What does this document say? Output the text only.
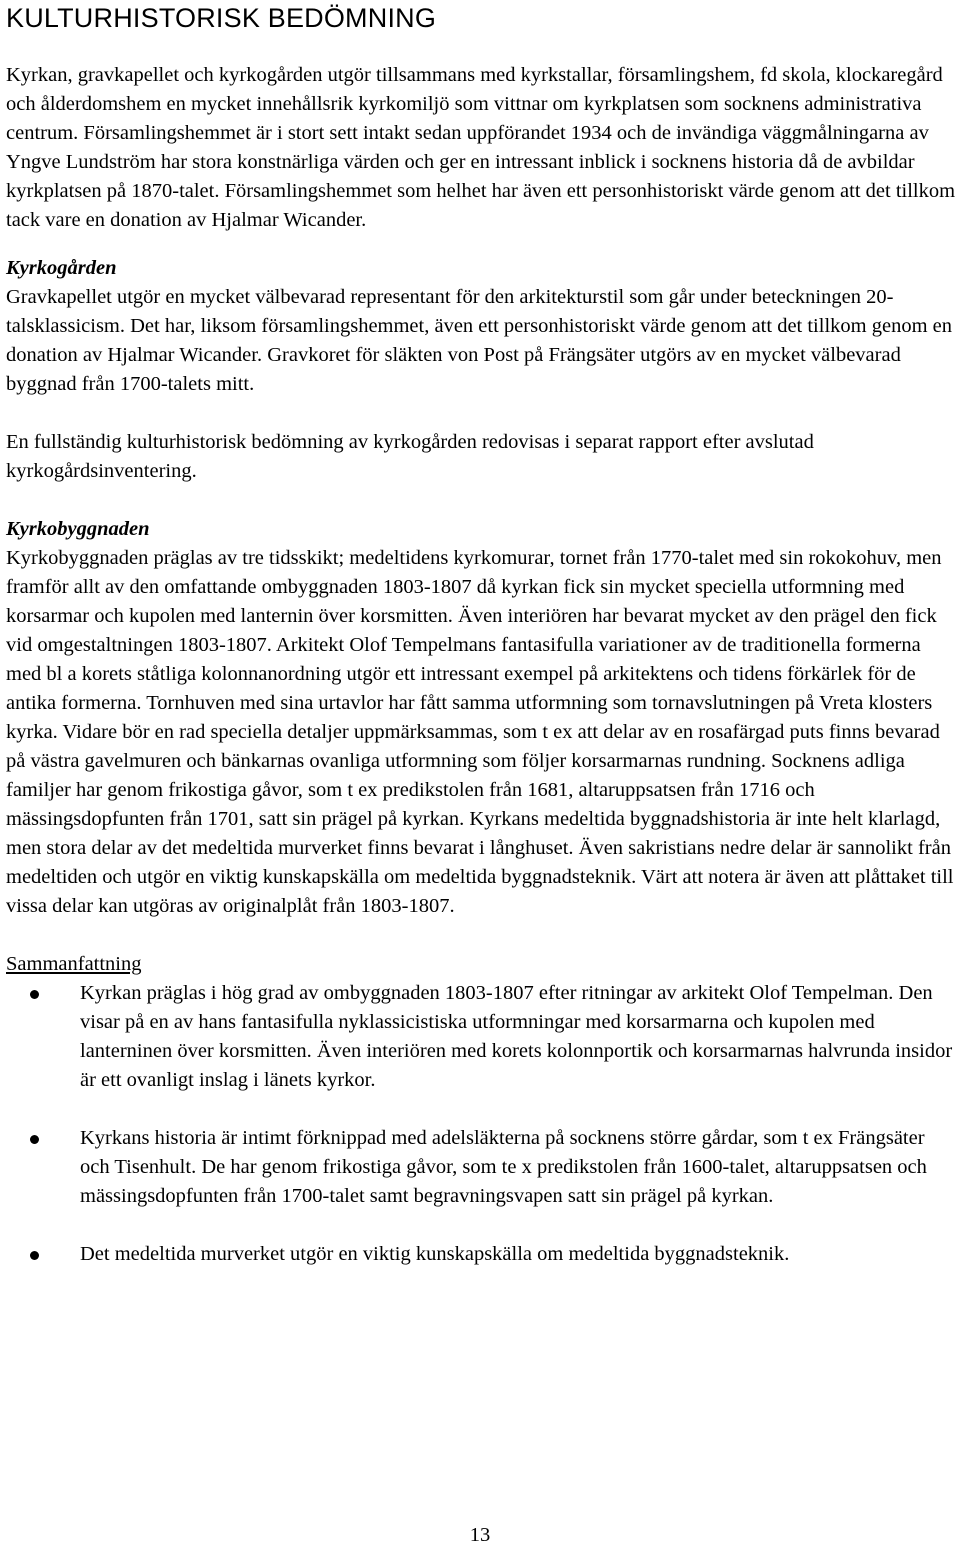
KULTURHISTORISK BEDÖMNING

Kyrkan, gravkapellet och kyrkogården utgör tillsammans med kyrkstallar, församlingshem, fd skola, klockaregård och ålderdomshem en mycket innehållsrik kyrkomiljö som vittnar om kyrkplatsen som socknens administrativa centrum. Församlingshemmet är i stort sett intakt sedan uppförandet 1934 och de invändiga väggmålningarna av Yngve Lundström har stora konstnärliga värden och ger en intressant inblick i socknens historia då de avbildar kyrkplatsen på 1870-talet. Församlingshemmet som helhet har även ett personhistoriskt värde genom att det tillkom tack vare en donation av Hjalmar Wicander.

Kyrkogården

Gravkapellet utgör en mycket välbevarad representant för den arkitekturstil som går under beteckningen 20-talsklassicism. Det har, liksom församlingshemmet, även ett personhistoriskt värde genom att det tillkom genom en donation av Hjalmar Wicander. Gravkoret för släkten von Post på Frängsäter utgörs av en mycket välbevarad byggnad från 1700-talets mitt.

En fullständig kulturhistorisk bedömning av kyrkogården redovisas i separat rapport efter avslutad kyrkogårdsinventering.

Kyrkobyggnaden

Kyrkobyggnaden präglas av tre tidsskikt; medeltidens kyrkomurar, tornet från 1770-talet med sin rokokohuv, men framför allt av den omfattande ombyggnaden 1803-1807 då kyrkan fick sin mycket speciella utformning med korsarmar och kupolen med lanternin över korsmitten. Även interiören har bevarat mycket av den prägel den fick vid omgestaltningen 1803-1807. Arkitekt Olof Tempelmans fantasifulla variationer av de traditionella formerna med bl a korets ståtliga kolonnanordning utgör ett intressant exempel på arkitektens och tidens förkärlek för de antika formerna. Tornhuven med sina urtavlor har fått samma utformning som tornavslutningen på Vreta klosters kyrka. Vidare bör en rad speciella detaljer uppmärksammas, som t ex att delar av en rosafärgad puts finns bevarad på västra gavelmuren och bänkarnas ovanliga utformning som följer korsarmarnas rundning. Socknens adliga familjer har genom frikostiga gåvor, som t ex predikstolen från 1681, altaruppsatsen från 1716 och mässingsdopfunten från 1701, satt sin prägel på kyrkan. Kyrkans medeltida byggnadshistoria är inte helt klarlagd, men stora delar av det medeltida murverket finns bevarat i långhuset. Även sakristians nedre delar är sannolikt från medeltiden och utgör en viktig kunskapskälla om medeltida byggnadsteknik. Värt att notera är även att plåttaket till vissa delar kan utgöras av originalplåt från 1803-1807.

Sammanfattning
Kyrkan präglas i hög grad av ombyggnaden 1803-1807 efter ritningar av arkitekt Olof Tempelman. Den visar på en av hans fantasifulla nyklassicistiska utformningar med korsarmarna och kupolen med lanterninen över korsmitten. Även interiören med korets kolonnportik och korsarmarnas halvrunda insidor är ett ovanligt inslag i länets kyrkor.
Kyrkans historia är intimt förknippad med adelsläkterna på socknens större gårdar, som t ex Frängsäter och Tisenhult. De har genom frikostiga gåvor, som te x predikstolen från 1600-talet, altaruppsatsen och mässingsdopfunten från 1700-talet samt begravningsvapen satt sin prägel på kyrkan.
Det medeltida murverket utgör en viktig kunskapskälla om medeltida byggnadsteknik.
13
